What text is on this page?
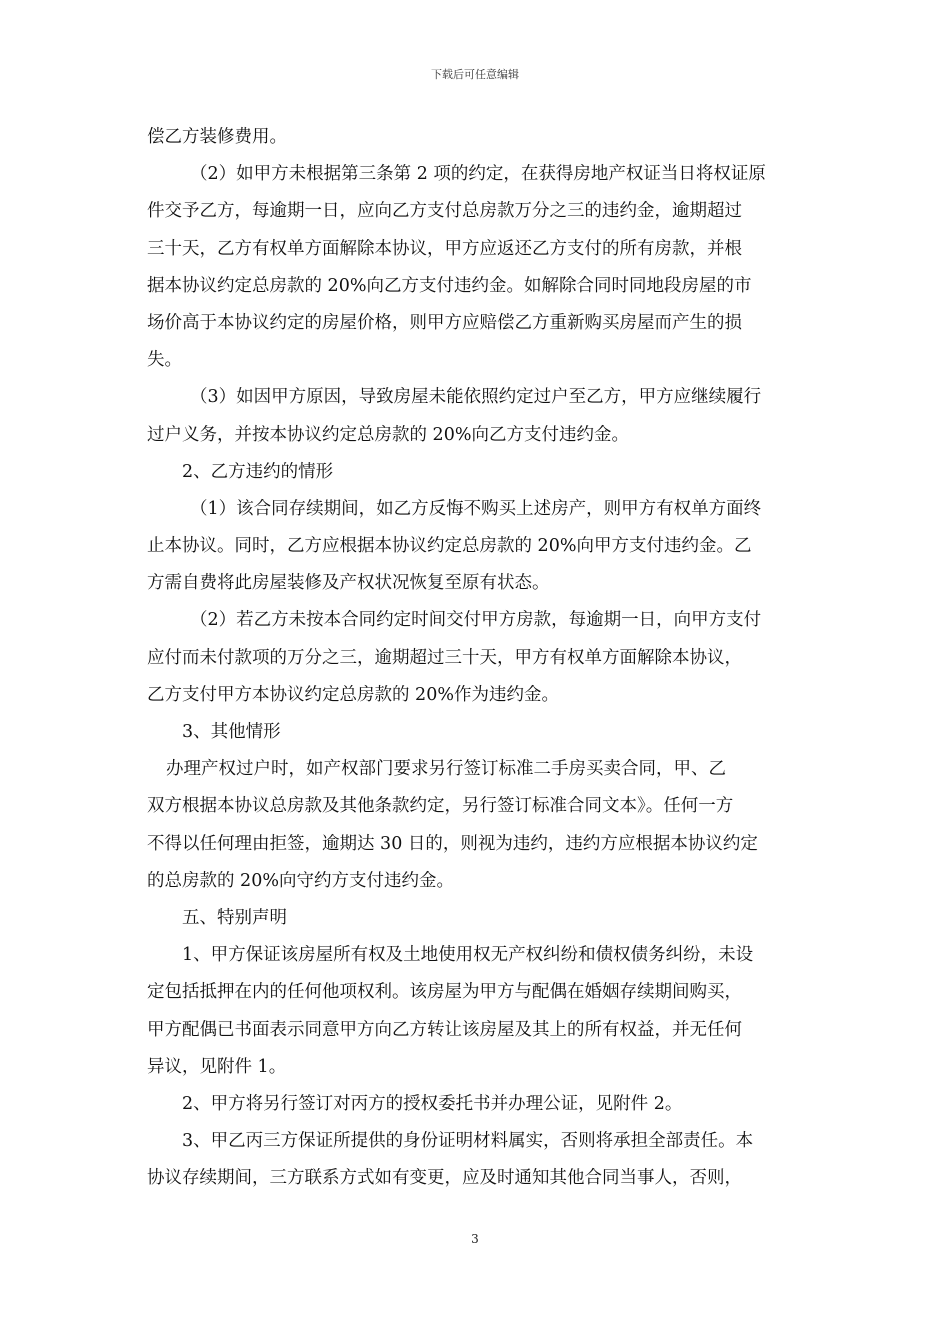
下载后可任意编辑
偿乙方装修费用。
（2）如甲方未根据第三条第 2 项的约定，在获得房地产权证当日将权证原
件交予乙方，每逾期一日，应向乙方支付总房款万分之三的违约金，逾期超过
三十天，乙方有权单方面解除本协议，甲方应返还乙方支付的所有房款，并根
据本协议约定总房款的 20%向乙方支付违约金。如解除合同时同地段房屋的市
场价高于本协议约定的房屋价格，则甲方应赔偿乙方重新购买房屋而产生的损
失。
（3）如因甲方原因，导致房屋未能依照约定过户至乙方，甲方应继续履行
过户义务，并按本协议约定总房款的 20%向乙方支付违约金。
2、乙方违约的情形
（1）该合同存续期间，如乙方反悔不购买上述房产，则甲方有权单方面终
止本协议。同时，乙方应根据本协议约定总房款的 20%向甲方支付违约金。乙
方需自费将此房屋装修及产权状况恢复至原有状态。
（2）若乙方未按本合同约定时间交付甲方房款，每逾期一日，向甲方支付
应付而未付款项的万分之三，逾期超过三十天，甲方有权单方面解除本协议，
乙方支付甲方本协议约定总房款的 20%作为违约金。
3、其他情形
办理产权过户时，如产权部门要求另行签订标准二手房买卖合同，甲、乙
双方根据本协议总房款及其他条款约定，另行签订标准合同文本》。任何一方
不得以任何理由拒签，逾期达 30 日的，则视为违约，违约方应根据本协议约定
的总房款的 20%向守约方支付违约金。
五、特别声明
1、甲方保证该房屋所有权及土地使用权无产权纠纷和债权债务纠纷，未设
定包括抵押在内的任何他项权利。该房屋为甲方与配偶在婚姻存续期间购买，
甲方配偶已书面表示同意甲方向乙方转让该房屋及其上的所有权益，并无任何
异议，见附件 1。
2、甲方将另行签订对丙方的授权委托书并办理公证，见附件 2。
3、甲乙丙三方保证所提供的身份证明材料属实，否则将承担全部责任。本
协议存续期间，三方联系方式如有变更，应及时通知其他合同当事人，否则，
3
